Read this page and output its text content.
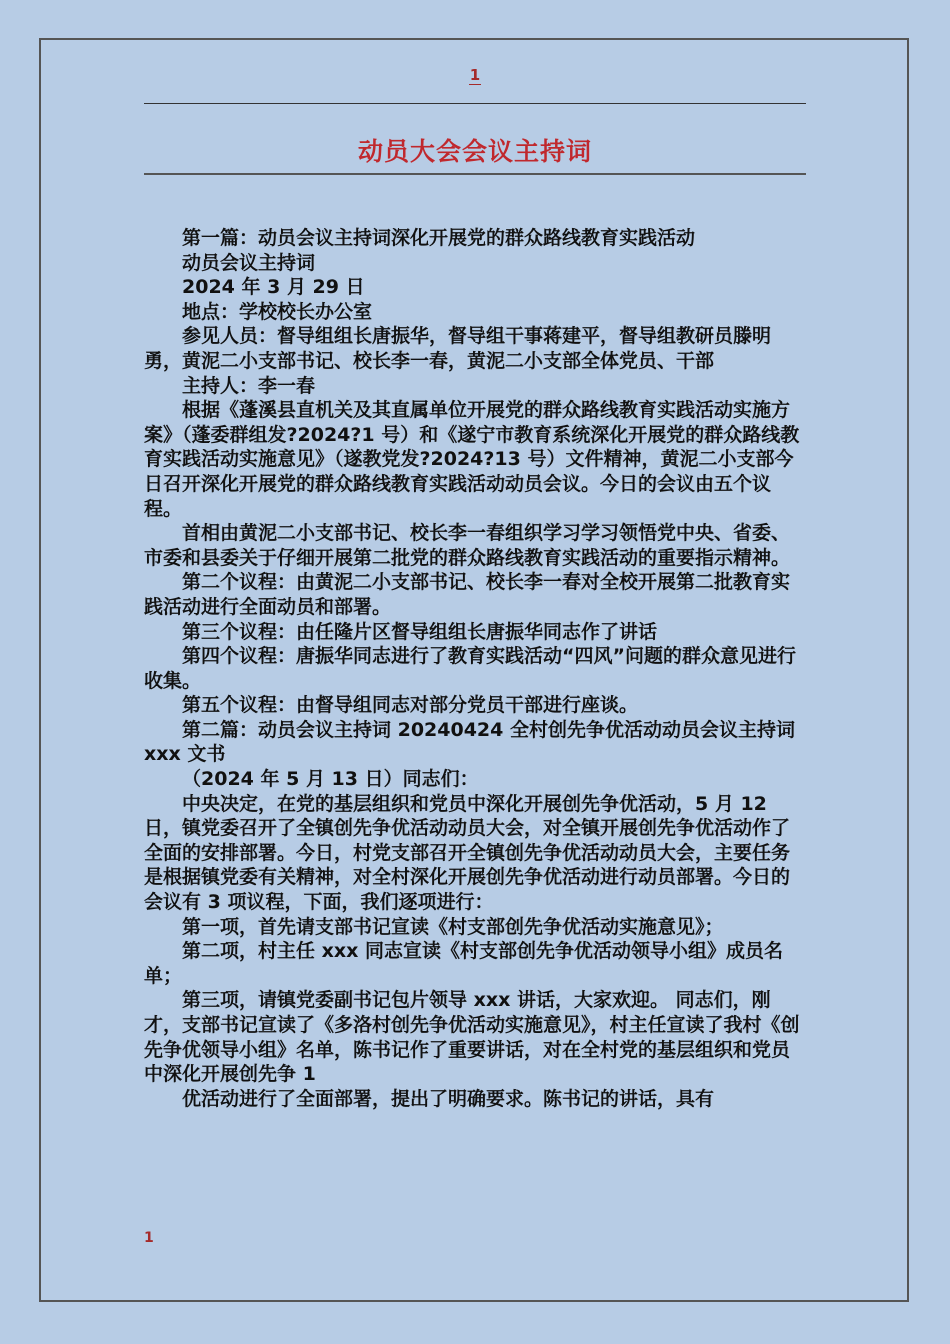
1
动员大会会议主持词

第一篇：动员会议主持词深化开展党的群众路线教育实践活动

动员会议主持词

2024 年 3 月 29 日

地点：学校校长办公室

参见人员：督导组组长唐振华，督导组干事蒋建平，督导组教研员滕明勇，黄泥二小支部书记、校长李一春，黄泥二小支部全体党员、干部

主持人：李一春

根据《蓬溪县直机关及其直属单位开展党的群众路线教育实践活动实施方案》（蓬委群组发?2024?1 号）和《遂宁市教育系统深化开展党的群众路线教育实践活动实施意见》（遂教党发?2024?13 号）文件精神，黄泥二小支部今日召开深化开展党的群众路线教育实践活动动员会议。今日的会议由五个议程。

首相由黄泥二小支部书记、校长李一春组织学习学习领悟党中央、省委、市委和县委关于仔细开展第二批党的群众路线教育实践活动的重要指示精神。

第二个议程：由黄泥二小支部书记、校长李一春对全校开展第二批教育实践活动进行全面动员和部署。

第三个议程：由任隆片区督导组组长唐振华同志作了讲话

第四个议程：唐振华同志进行了教育实践活动“四风”问题的群众意见进行收集。

第五个议程：由督导组同志对部分党员干部进行座谈。

第二篇：动员会议主持词 20240424 全村创先争优活动动员会议主持词 xxx 文书

（2024 年 5 月 13 日）同志们：

中央决定，在党的基层组织和党员中深化开展创先争优活动，5 月 12 日，镇党委召开了全镇创先争优活动动员大会，对全镇开展创先争优活动作了全面的安排部署。今日，村党支部召开全镇创先争优活动动员大会，主要任务是根据镇党委有关精神，对全村深化开展创先争优活动进行动员部署。今日的会议有 3 项议程，下面，我们逐项进行：

第一项，首先请支部书记宣读《村支部创先争优活动实施意见》；

第二项，村主任 xxx 同志宣读《村支部创先争优活动领导小组》成员名单；

第三项，请镇党委副书记包片领导 xxx 讲话，大家欢迎。 同志们，刚才，支部书记宣读了《多洛村创先争优活动实施意见》，村主任宣读了我村《创先争优领导小组》名单，陈书记作了重要讲话，对在全村党的基层组织和党员中深化开展创先争 1

优活动进行了全面部署，提出了明确要求。陈书记的讲话，具有

1
